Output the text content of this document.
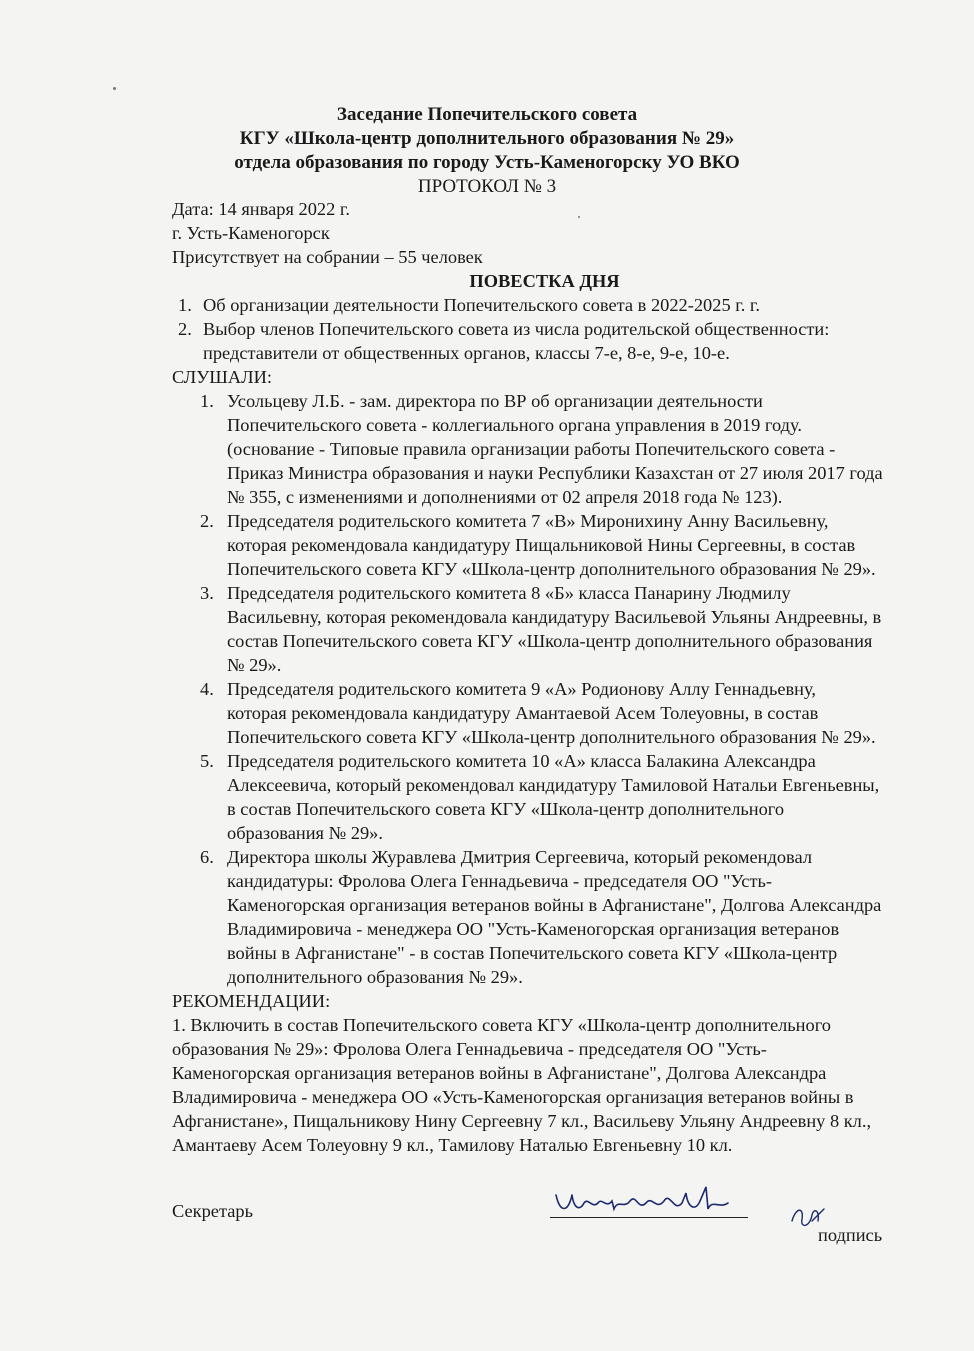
Заседание Попечительского совета
КГУ «Школа-центр дополнительного образования № 29»
отдела образования по городу Усть-Каменогорску УО ВКО
ПРОТОКОЛ № 3
Дата: 14 января 2022 г.
г. Усть-Каменогорск
Присутствует на собрании – 55 человек
ПОВЕСТКА ДНЯ
1. Об организации деятельности Попечительского совета в 2022-2025 г. г.
2. Выбор членов Попечительского совета из числа родительской общественности:
представители от общественных органов, классы 7-е, 8-е, 9-е, 10-е.
СЛУШАЛИ:
1. Усольцеву Л.Б. - зам. директора по ВР об организации деятельности
Попечительского совета - коллегиального органа управления в 2019 году.
(основание - Типовые правила организации работы Попечительского совета -
Приказ Министра образования и науки Республики Казахстан от 27 июля 2017 года
№ 355, с изменениями и дополнениями от 02 апреля 2018 года № 123).
2. Председателя родительского комитета 7 «В» Миронихину Анну Васильевну,
которая рекомендовала кандидатуру Пищальниковой Нины Сергеевны, в состав
Попечительского совета КГУ «Школа-центр дополнительного образования № 29».
3. Председателя родительского комитета 8 «Б» класса Панарину Людмилу
Васильевну, которая рекомендовала кандидатуру Васильевой Ульяны Андреевны, в
состав Попечительского совета КГУ «Школа-центр дополнительного образования
№ 29».
4. Председателя родительского комитета 9 «А» Родионову Аллу Геннадьевну,
которая рекомендовала кандидатуру Амантаевой Асем Толеуовны, в состав
Попечительского совета КГУ «Школа-центр дополнительного образования № 29».
5. Председателя родительского комитета 10 «А» класса Балакина Александра
Алексеевича, который рекомендовал кандидатуру Тамиловой Натальи Евгеньевны,
в состав Попечительского совета КГУ «Школа-центр дополнительного
образования № 29».
6. Директора школы Журавлева Дмитрия Сергеевича, который рекомендовал
кандидатуры: Фролова Олега Геннадьевича - председателя ОО "Усть-
Каменогорская организация ветеранов войны в Афганистане", Долгова Александра
Владимировича - менеджера ОО "Усть-Каменогорская организация ветеранов
войны в Афганистане" - в состав Попечительского совета КГУ «Школа-центр
дополнительного образования № 29».
РЕКОМЕНДАЦИИ:
1. Включить в состав Попечительского совета КГУ «Школа-центр дополнительного
образования № 29»: Фролова Олега Геннадьевича - председателя ОО "Усть-
Каменогорская организация ветеранов войны в Афганистане", Долгова Александра
Владимировича - менеджера ОО «Усть-Каменогорская организация ветеранов войны в
Афганистане», Пищальникову Нину Сергеевну 7 кл., Васильеву Ульяну Андреевну 8 кл.,
Амантаеву Асем Толеуовну 9 кл., Тамилову Наталью Евгеньевну 10 кл.
Секретарь
подпись
